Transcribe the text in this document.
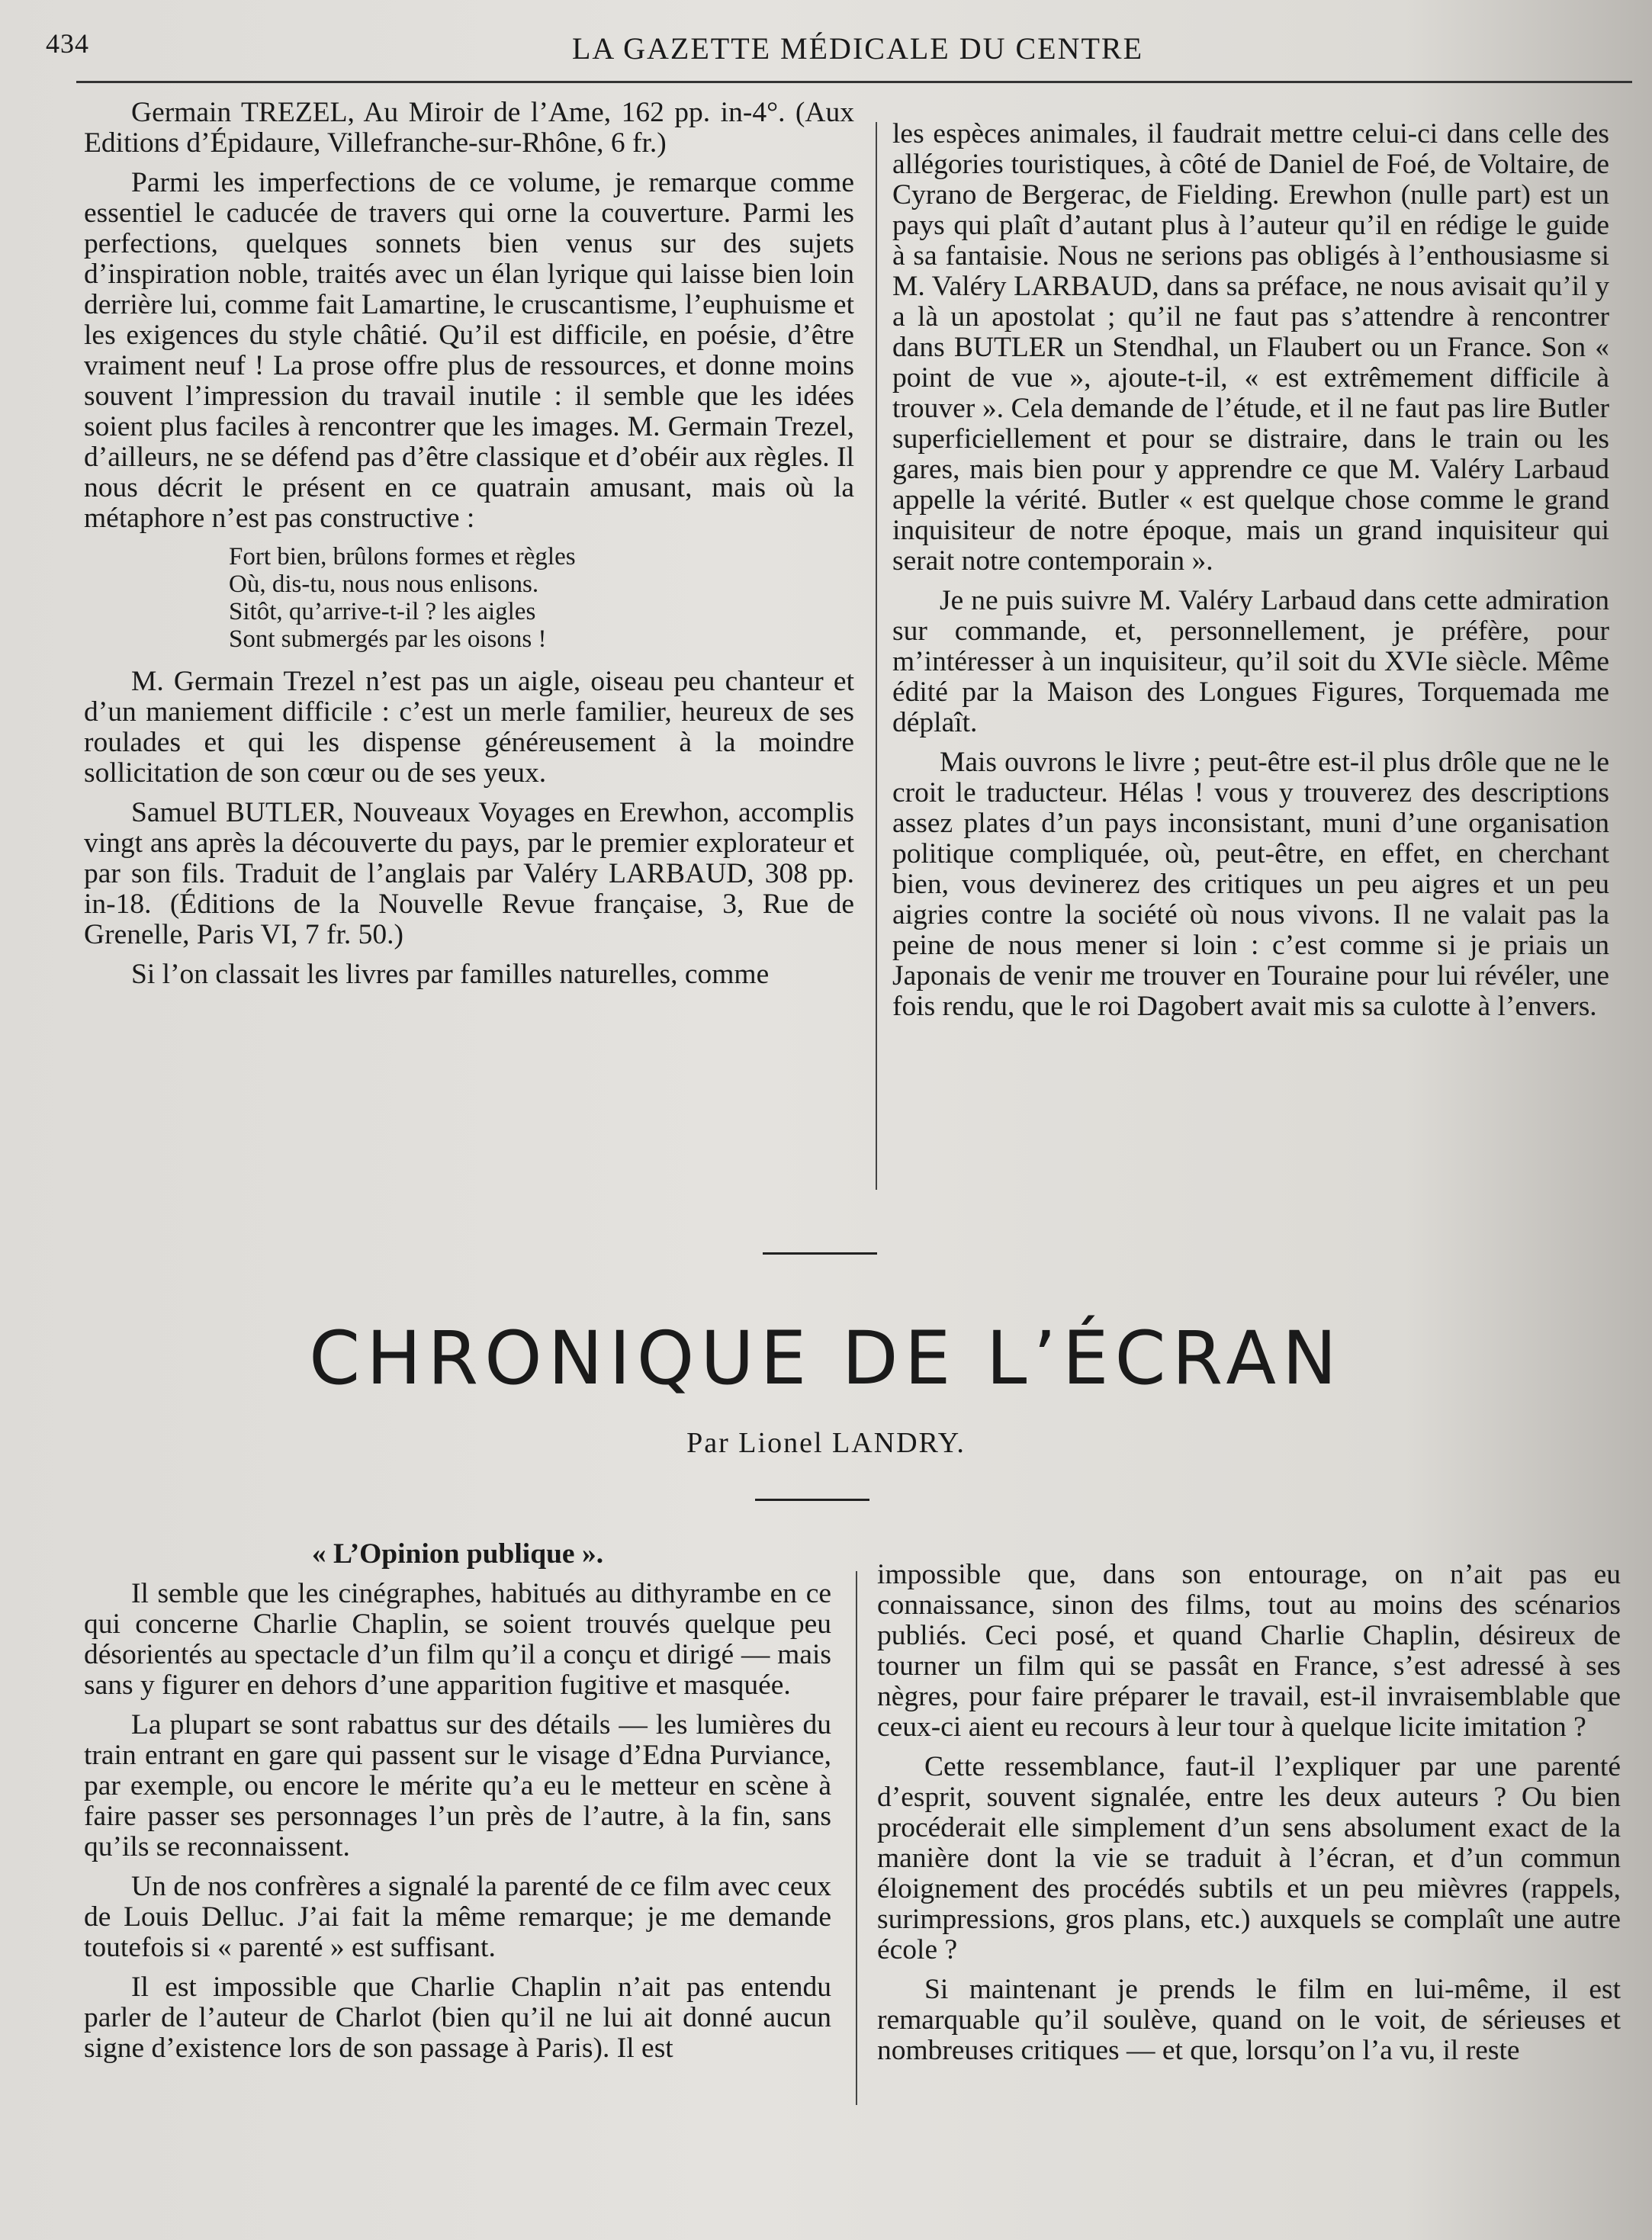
434	LA GAZETTE MÉDICALE DU CENTRE

Germain TREZEL, Au Miroir de l’Ame, 162 pp. in-4°. (Aux Editions d’Épidaure, Villefranche-sur-Rhône, 6 fr.)

Parmi les imperfections de ce volume, je remarque comme essentiel le caducée de travers qui orne la couverture. Parmi les perfections, quelques sonnets bien venus sur des sujets d’inspiration noble, traités avec un élan lyrique qui laisse bien loin derrière lui, comme fait Lamartine, le cruscantisme, l’euphuisme et les exigences du style châtié. Qu’il est difficile, en poésie, d’être vraiment neuf ! La prose offre plus de ressources, et donne moins souvent l’impression du travail inutile : il semble que les idées soient plus faciles à rencontrer que les images. M. Germain Trezel, d’ailleurs, ne se défend pas d’être classique et d’obéir aux règles. Il nous décrit le présent en ce quatrain amusant, mais où la métaphore n’est pas constructive :

Fort bien, brûlons formes et règles
Où, dis-tu, nous nous enlisons.
Sitôt, qu’arrive-t-il ? les aigles
Sont submergés par les oisons !

M. Germain Trezel n’est pas un aigle, oiseau peu chanteur et d’un maniement difficile : c’est un merle familier, heureux de ses roulades et qui les dispense généreusement à la moindre sollicitation de son cœur ou de ses yeux.

Samuel BUTLER, Nouveaux Voyages en Erewhon, accomplis vingt ans après la découverte du pays, par le premier explorateur et par son fils. Traduit de l’anglais par Valéry LARBAUD, 308 pp. in-18. (Éditions de la Nouvelle Revue française, 3, Rue de Grenelle, Paris VI, 7 fr. 50.)

Si l’on classait les livres par familles naturelles, comme

les espèces animales, il faudrait mettre celui-ci dans celle des allégories touristiques, à côté de Daniel de Foé, de Voltaire, de Cyrano de Bergerac, de Fielding. Erewhon (nulle part) est un pays qui plaît d’autant plus à l’auteur qu’il en rédige le guide à sa fantaisie. Nous ne serions pas obligés à l’enthousiasme si M. Valéry LARBAUD, dans sa préface, ne nous avisait qu’il y a là un apostolat ; qu’il ne faut pas s’attendre à rencontrer dans BUTLER un Stendhal, un Flaubert ou un France. Son « point de vue », ajoute-t-il, « est extrêmement difficile à trouver ». Cela demande de l’étude, et il ne faut pas lire Butler superficiellement et pour se distraire, dans le train ou les gares, mais bien pour y apprendre ce que M. Valéry Larbaud appelle la vérité. Butler « est quelque chose comme le grand inquisiteur de notre époque, mais un grand inquisiteur qui serait notre contemporain ».

Je ne puis suivre M. Valéry Larbaud dans cette admiration sur commande, et, personnellement, je préfère, pour m’intéresser à un inquisiteur, qu’il soit du XVIe siècle. Même édité par la Maison des Longues Figures, Torquemada me déplaît.

Mais ouvrons le livre ; peut-être est-il plus drôle que ne le croit le traducteur. Hélas ! vous y trouverez des descriptions assez plates d’un pays inconsistant, muni d’une organisation politique compliquée, où, peut-être, en effet, en cherchant bien, vous devinerez des critiques un peu aigres et un peu aigries contre la société où nous vivons. Il ne valait pas la peine de nous mener si loin : c’est comme si je priais un Japonais de venir me trouver en Touraine pour lui révéler, une fois rendu, que le roi Dagobert avait mis sa culotte à l’envers.

CHRONIQUE DE L’ÉCRAN
Par Lionel LANDRY.

« L’Opinion publique ».

Il semble que les cinégraphes, habitués au dithyrambe en ce qui concerne Charlie Chaplin, se soient trouvés quelque peu désorientés au spectacle d’un film qu’il a conçu et dirigé — mais sans y figurer en dehors d’une apparition fugitive et masquée.

La plupart se sont rabattus sur des détails — les lumières du train entrant en gare qui passent sur le visage d’Edna Purviance, par exemple, ou encore le mérite qu’a eu le metteur en scène à faire passer ses personnages l’un près de l’autre, à la fin, sans qu’ils se reconnaissent.

Un de nos confrères a signalé la parenté de ce film avec ceux de Louis Delluc. J’ai fait la même remarque; je me demande toutefois si « parenté » est suffisant.

Il est impossible que Charlie Chaplin n’ait pas entendu parler de l’auteur de Charlot (bien qu’il ne lui ait donné aucun signe d’existence lors de son passage à Paris). Il est

impossible que, dans son entourage, on n’ait pas eu connaissance, sinon des films, tout au moins des scénarios publiés. Ceci posé, et quand Charlie Chaplin, désireux de tourner un film qui se passât en France, s’est adressé à ses nègres, pour faire préparer le travail, est-il invraisemblable que ceux-ci aient eu recours à leur tour à quelque licite imitation ?

Cette ressemblance, faut-il l’expliquer par une parenté d’esprit, souvent signalée, entre les deux auteurs ? Ou bien procéderait elle simplement d’un sens absolument exact de la manière dont la vie se traduit à l’écran, et d’un commun éloignement des procédés subtils et un peu mièvres (rappels, surimpressions, gros plans, etc.) auxquels se complaît une autre école ?

Si maintenant je prends le film en lui-même, il est remarquable qu’il soulève, quand on le voit, de sérieuses et nombreuses critiques — et que, lorsqu’on l’a vu, il reste
